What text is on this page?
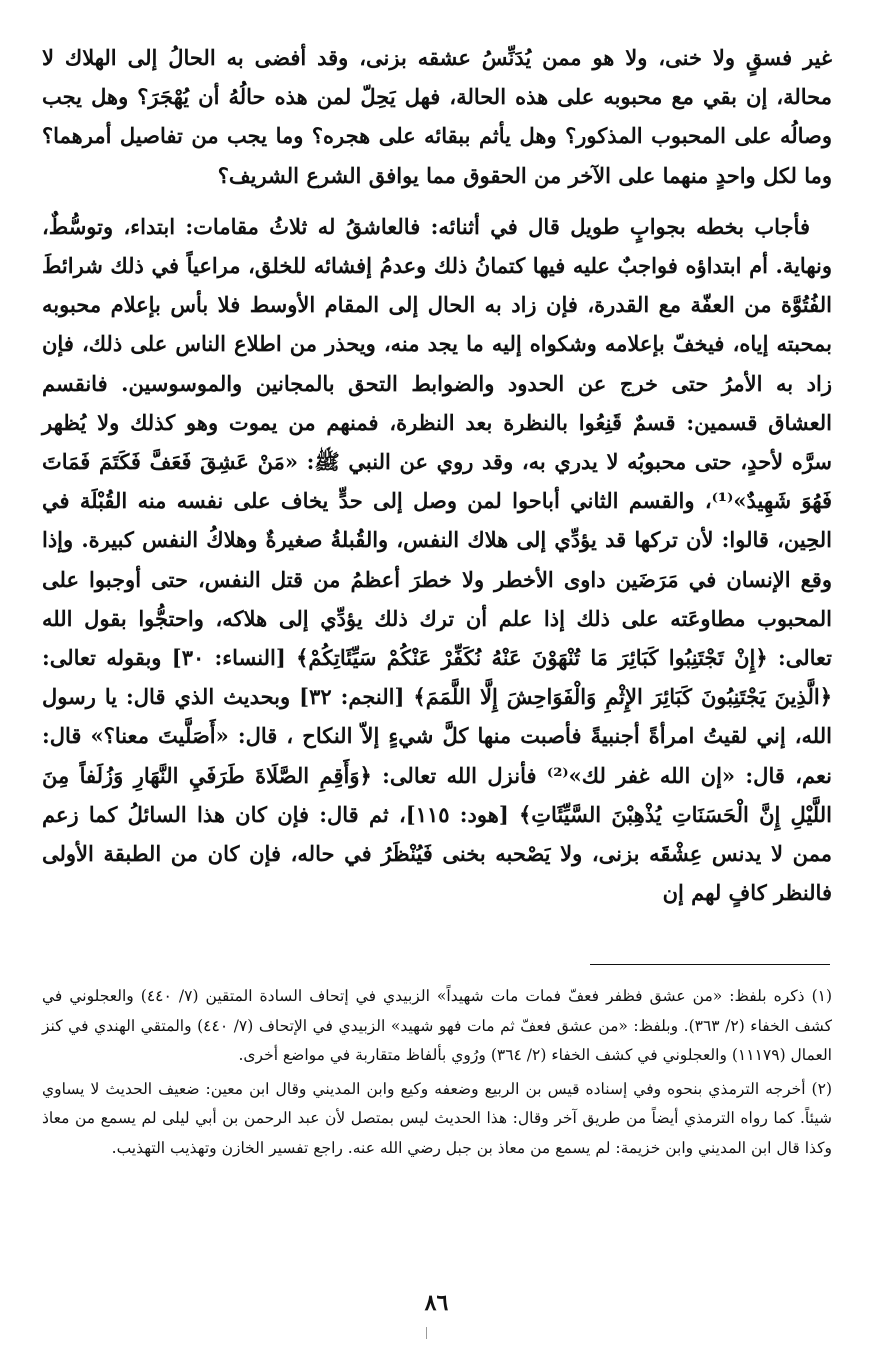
غير فسقٍ ولا خنى، ولا هو ممن يُدَنِّسُ عشقه بزنى، وقد أفضى به الحالُ إلى الهلاك لا محالة، إن بقي مع محبوبه على هذه الحالة، فهل يَحِلّ لمن هذه حالُهُ أن يُهْجَرَ؟ وهل يجب وصالُه على المحبوب المذكور؟ وهل يأثم ببقائه على هجره؟ وما يجب من تفاصيل أمرهما؟ وما لكل واحدٍ منهما على الآخر من الحقوق مما يوافق الشرع الشريف؟

فأجاب بخطه بجوابٍ طويل قال في أثنائه: فالعاشقُ له ثلاثُ مقامات: ابتداء، وتوسُّطٌ، ونهاية. أم ابتداؤه فواجبٌ عليه فيها كتمانُ ذلك وعدمُ إفشائه للخلق، مراعياً في ذلك شرائطَ الفُتُوَّة من العفّة مع القدرة، فإن زاد به الحال إلى المقام الأوسط فلا بأس بإعلام محبوبه بمحبته إياه، فيخفّ بإعلامه وشكواه إليه ما يجد منه، ويحذر من اطلاع الناس على ذلك، فإن زاد به الأمرُ حتى خرج عن الحدود والضوابط التحق بالمجانين والموسوسين. فانقسم العشاق قسمين: قسمٌ قَنِعُوا بالنظرة بعد النظرة، فمنهم من يموت وهو كذلك ولا يُظهر سرَّه لأحدٍ، حتى محبوبُه لا يدري به، وقد روي عن النبي ﷺ: «مَنْ عَشِقَ فَعَفَّ فَكَتَمَ فَمَاتَ فَهُوَ شَهِيدٌ»⁽¹⁾، والقسم الثاني أباحوا لمن وصل إلى حدٍّ يخاف على نفسه منه القُبْلَة في الحِين، قالوا: لأن تركها قد يؤدِّي إلى هلاك النفس، والقُبلةُ صغيرةٌ وهلاكُ النفس كبيرة. وإذا وقع الإنسان في مَرَضَين داوى الأخطر ولا خطرَ أعظمُ من قتل النفس، حتى أوجبوا على المحبوب مطاوعَته على ذلك إذا علم أن ترك ذلك يؤدِّي إلى هلاكه، واحتجُّوا بقول الله تعالى: ﴿إِنْ تَجْتَنِبُوا كَبَائِرَ مَا تُنْهَوْنَ عَنْهُ نُكَفِّرْ عَنْكُمْ سَيِّئَاتِكُمْ﴾ [النساء: ٣٠] وبقوله تعالى: ﴿الَّذِينَ يَجْتَنِبُونَ كَبَائِرَ الإِثْمِ وَالْفَوَاحِشَ إِلَّا اللَّمَمَ﴾ [النجم: ٣٢] وبحديث الذي قال: يا رسول الله، إني لقيتُ امرأةً أجنبيةً فأصبت منها كلَّ شيءٍ إلاّ النكاح ، قال: «أَصَلَّيتَ معنا؟» قال: نعم، قال: «إن الله غفر لك»⁽²⁾ فأنزل الله تعالى: ﴿وَأَقِمِ الصَّلَاةَ طَرَفَيِ النَّهَارِ وَزُلَفاً مِنَ اللَّيْلِ إِنَّ الْحَسَنَاتِ يُذْهِبْنَ السَّيِّئَاتِ﴾ [هود: ١١٥]، ثم قال: فإن كان هذا السائلُ كما زعم ممن لا يدنس عِشْقَه بزنى، ولا يَصْحبه بخنى فَيُنْظَرُ في حاله، فإن كان من الطبقة الأولى فالنظر كافٍ لهم إن

(١) ذكره بلفظ: «من عشق فظفر فعفّ فمات مات شهيداً» الزبيدي في إتحاف السادة المتقين (٧/ ٤٤٠) والعجلوني في كشف الخفاء (٢/ ٣٦٣). وبلفظ: «من عشق فعفّ ثم مات فهو شهيد» الزبيدي في الإتحاف (٧/ ٤٤٠) والمتقي الهندي في كنز العمال (١١١٧٩) والعجلوني في كشف الخفاء (٢/ ٣٦٤) ورُوي بألفاظ متقاربة في مواضع أخرى.

(٢) أخرجه الترمذي بنحوه وفي إسناده قيس بن الربيع وضعفه وكيع وابن المديني وقال ابن معين: ضعيف الحديث لا يساوي شيئاً. كما رواه الترمذي أيضاً من طريق آخر وقال: هذا الحديث ليس بمتصل لأن عبد الرحمن بن أبي ليلى لم يسمع من معاذ وكذا قال ابن المديني وابن خزيمة: لم يسمع من معاذ بن جبل رضي الله عنه. راجع تفسير الخازن وتهذيب التهذيب.

٨٦
